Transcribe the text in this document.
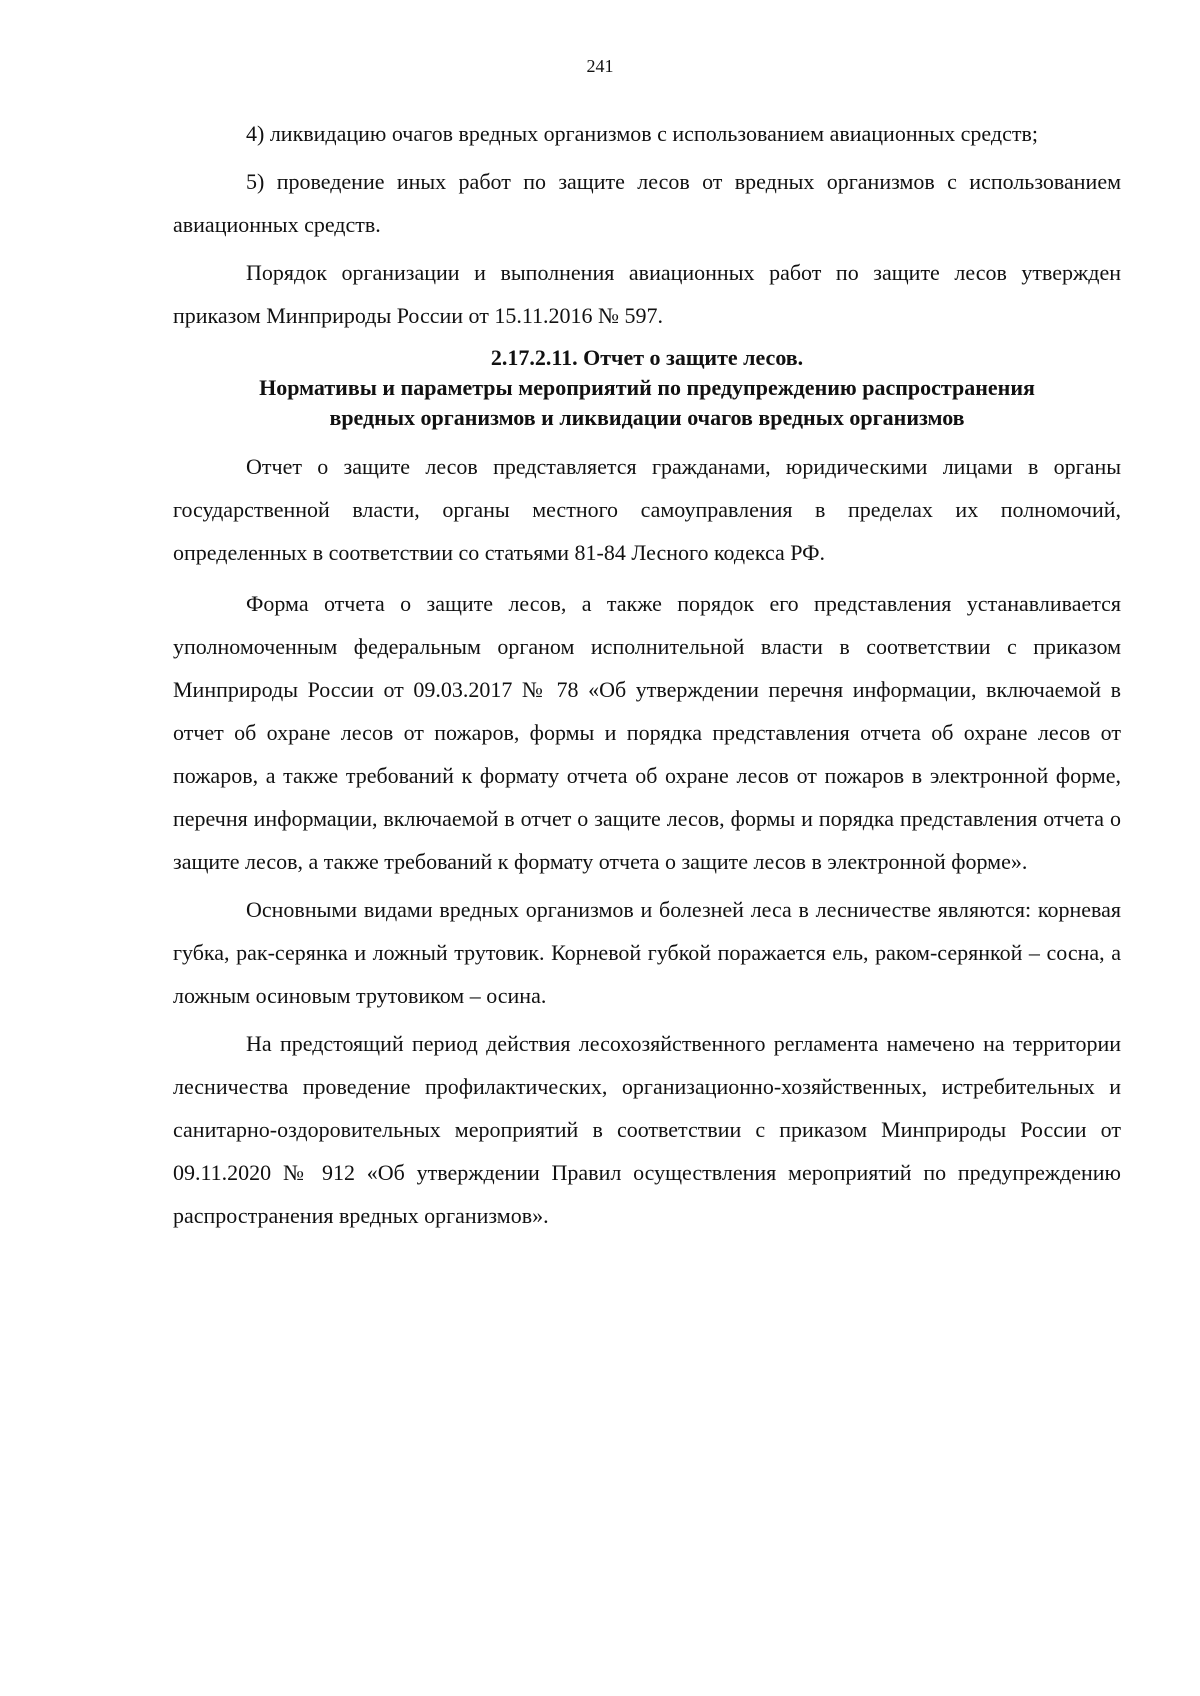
241

4) ликвидацию очагов вредных организмов с использованием авиационных средств;

5) проведение иных работ по защите лесов от вредных организмов с использованием авиационных средств.

Порядок организации и выполнения авиационных работ по защите лесов утвержден приказом Минприроды России от 15.11.2016 № 597.

2.17.2.11. Отчет о защите лесов.
Нормативы и параметры мероприятий по предупреждению распространения
вредных организмов и ликвидации очагов вредных организмов

Отчет о защите лесов представляется гражданами, юридическими лицами в органы государственной власти, органы местного самоуправления в пределах их полномочий, определенных в соответствии со статьями 81-84 Лесного кодекса РФ.

Форма отчета о защите лесов, а также порядок его представления устанавливается уполномоченным федеральным органом исполнительной власти в соответствии с приказом Минприроды России от 09.03.2017 № 78 «Об утверждении перечня информации, включаемой в отчет об охране лесов от пожаров, формы и порядка представления отчета об охране лесов от пожаров, а также требований к формату отчета об охране лесов от пожаров в электронной форме, перечня информации, включаемой в отчет о защите лесов, формы и порядка представления отчета о защите лесов, а также требований к формату отчета о защите лесов в электронной форме».

Основными видами вредных организмов и болезней леса в лесничестве являются: корневая губка, рак-серянка и ложный трутовик. Корневой губкой поражается ель, раком-серянкой – сосна, а ложным осиновым трутовиком – осина.

На предстоящий период действия лесохозяйственного регламента намечено на территории лесничества проведение профилактических, организационно-хозяйственных, истребительных и санитарно-оздоровительных мероприятий в соответствии с приказом Минприроды России от 09.11.2020 № 912 «Об утверждении Правил осуществления мероприятий по предупреждению распространения вредных организмов».
